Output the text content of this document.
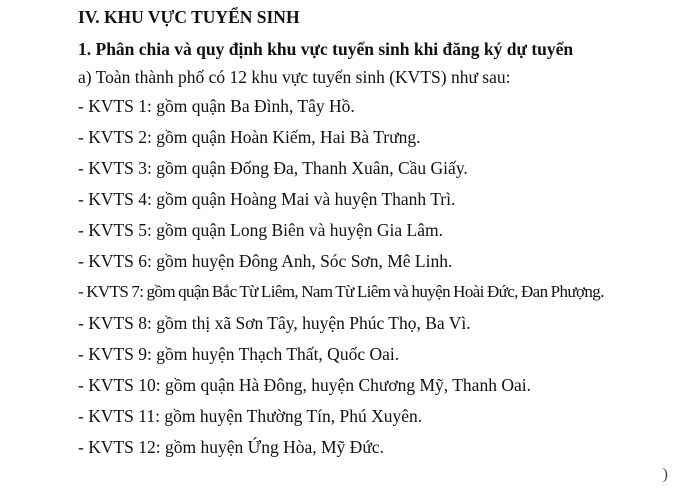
IV. KHU VỰC TUYỂN SINH
1. Phân chia và quy định khu vực tuyển sinh khi đăng ký dự tuyển
a) Toàn thành phố có 12 khu vực tuyển sinh (KVTS) như sau:
- KVTS 1: gồm quận Ba Đình, Tây Hồ.
- KVTS 2: gồm quận Hoàn Kiếm, Hai Bà Trưng.
- KVTS 3: gồm quận Đống Đa, Thanh Xuân, Cầu Giấy.
- KVTS 4: gồm quận Hoàng Mai và huyện Thanh Trì.
- KVTS 5: gồm quận Long Biên và huyện Gia Lâm.
- KVTS 6: gồm huyện Đông Anh, Sóc Sơn, Mê Linh.
- KVTS 7: gồm quận Bắc Từ Liêm, Nam Từ Liêm và huyện Hoài Đức, Đan Phượng.
- KVTS 8: gồm thị xã Sơn Tây, huyện Phúc Thọ, Ba Vì.
- KVTS 9: gồm huyện Thạch Thất, Quốc Oai.
- KVTS 10: gồm quận Hà Đông, huyện Chương Mỹ, Thanh Oai.
- KVTS 11: gồm huyện Thường Tín, Phú Xuyên.
- KVTS 12: gồm huyện Ứng Hòa, Mỹ Đức.
)
